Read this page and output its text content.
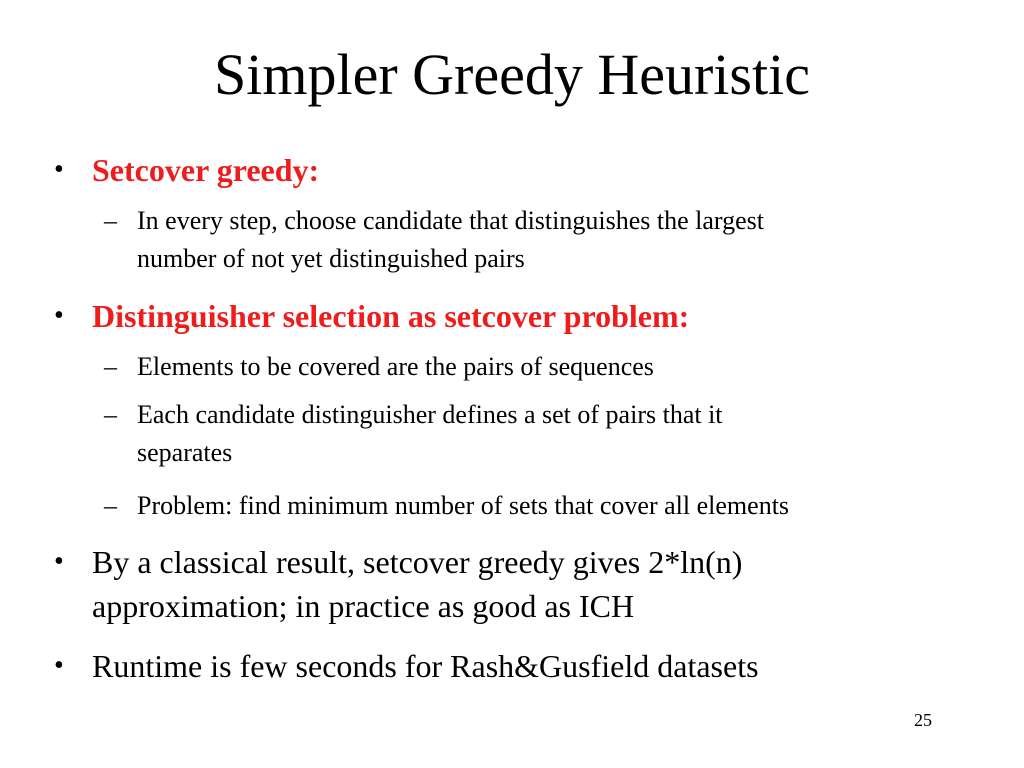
Simpler Greedy Heuristic
• Setcover greedy:
– In every step, choose candidate that distinguishes the largest
number of not yet distinguished pairs
• Distinguisher selection as setcover problem:
– Elements to be covered are the pairs of sequences
– Each candidate distinguisher defines a set of pairs that it
separates
– Problem: find minimum number of sets that cover all elements
• By a classical result, setcover greedy gives 2*ln(n)
approximation; in practice as good as ICH
• Runtime is few seconds for Rash&Gusfield datasets
25
